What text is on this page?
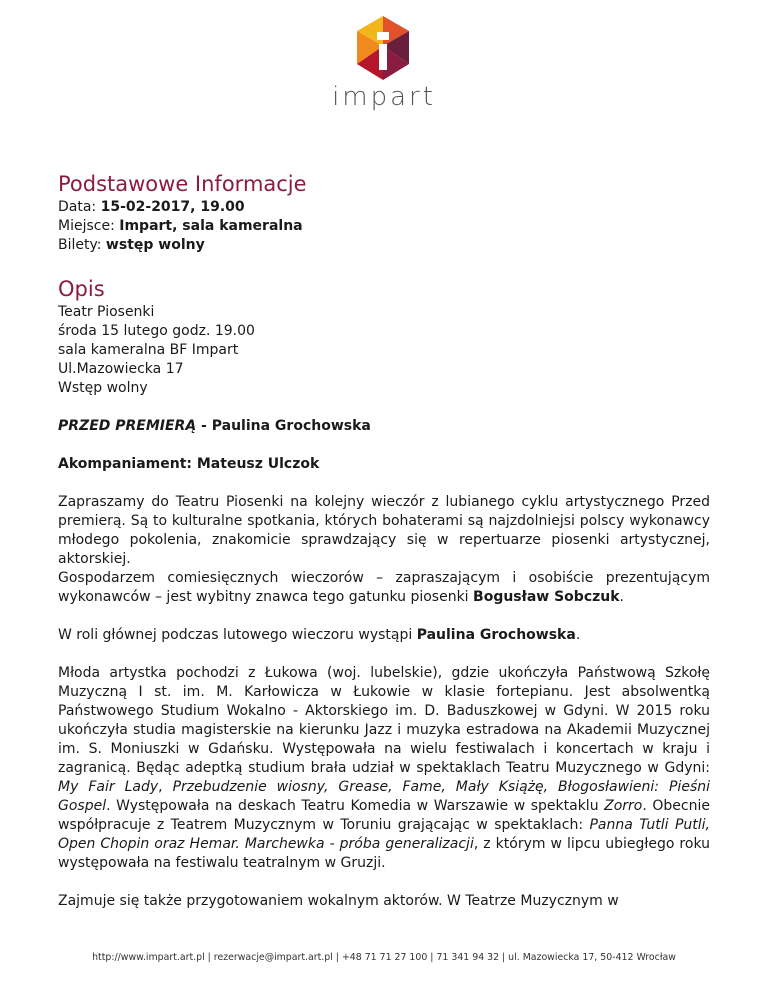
impart
Podstawowe Informacje
Data: 15-02-2017, 19.00
Miejsce: Impart, sala kameralna
Bilety: wstęp wolny
Opis

Teatr Piosenki

środa 15 lutego godz. 19.00

sala kameralna BF Impart

Ul.Mazowiecka 17

Wstęp wolny

PRZED PREMIERĄ - Paulina Grochowska

Akompaniament: Mateusz Ulczok

Zapraszamy do Teatru Piosenki na kolejny wieczór z lubianego cyklu artystycznego Przed premierą. Są to kulturalne spotkania, których bohaterami są najzdolniejsi polscy wykonawcy młodego pokolenia, znakomicie sprawdzający się w repertuarze piosenki artystycznej, aktorskiej.

Gospodarzem comiesięcznych wieczorów – zapraszającym i osobiście prezentującym wykonawców – jest wybitny znawca tego gatunku piosenki Bogusław Sobczuk.

W roli głównej podczas lutowego wieczoru wystąpi Paulina Grochowska.

Młoda artystka pochodzi z Łukowa (woj. lubelskie), gdzie ukończyła Państwową Szkołę Muzyczną I st. im. M. Karłowicza w Łukowie w klasie fortepianu. Jest absolwentką Państwowego Studium Wokalno - Aktorskiego im. D. Baduszkowej w Gdyni. W 2015 roku ukończyła studia magisterskie na kierunku Jazz i muzyka estradowa na Akademii Muzycznej im. S. Moniuszki w Gdańsku. Występowała na wielu festiwalach i koncertach w kraju i zagranicą. Będąc adeptką studium brała udział w spektaklach Teatru Muzycznego w Gdyni: My Fair Lady, Przebudzenie wiosny, Grease, Fame, Mały Książę, Błogosławieni: Pieśni Gospel. Występowała na deskach Teatru Komedia w Warszawie w spektaklu Zorro. Obecnie współpracuje z Teatrem Muzycznym w Toruniu grającając w spektaklach: Panna Tutli Putli, Open Chopin oraz Hemar. Marchewka - próba generalizacji, z którym w lipcu ubiegłego roku występowała na festiwalu teatralnym w Gruzji.

Zajmuje się także przygotowaniem wokalnym aktorów. W Teatrze Muzycznym w

http://www.impart.art.pl | rezerwacje@impart.art.pl | +48 71 71 27 100 | 71 341 94 32 | ul. Mazowiecka 17, 50-412 Wrocław
